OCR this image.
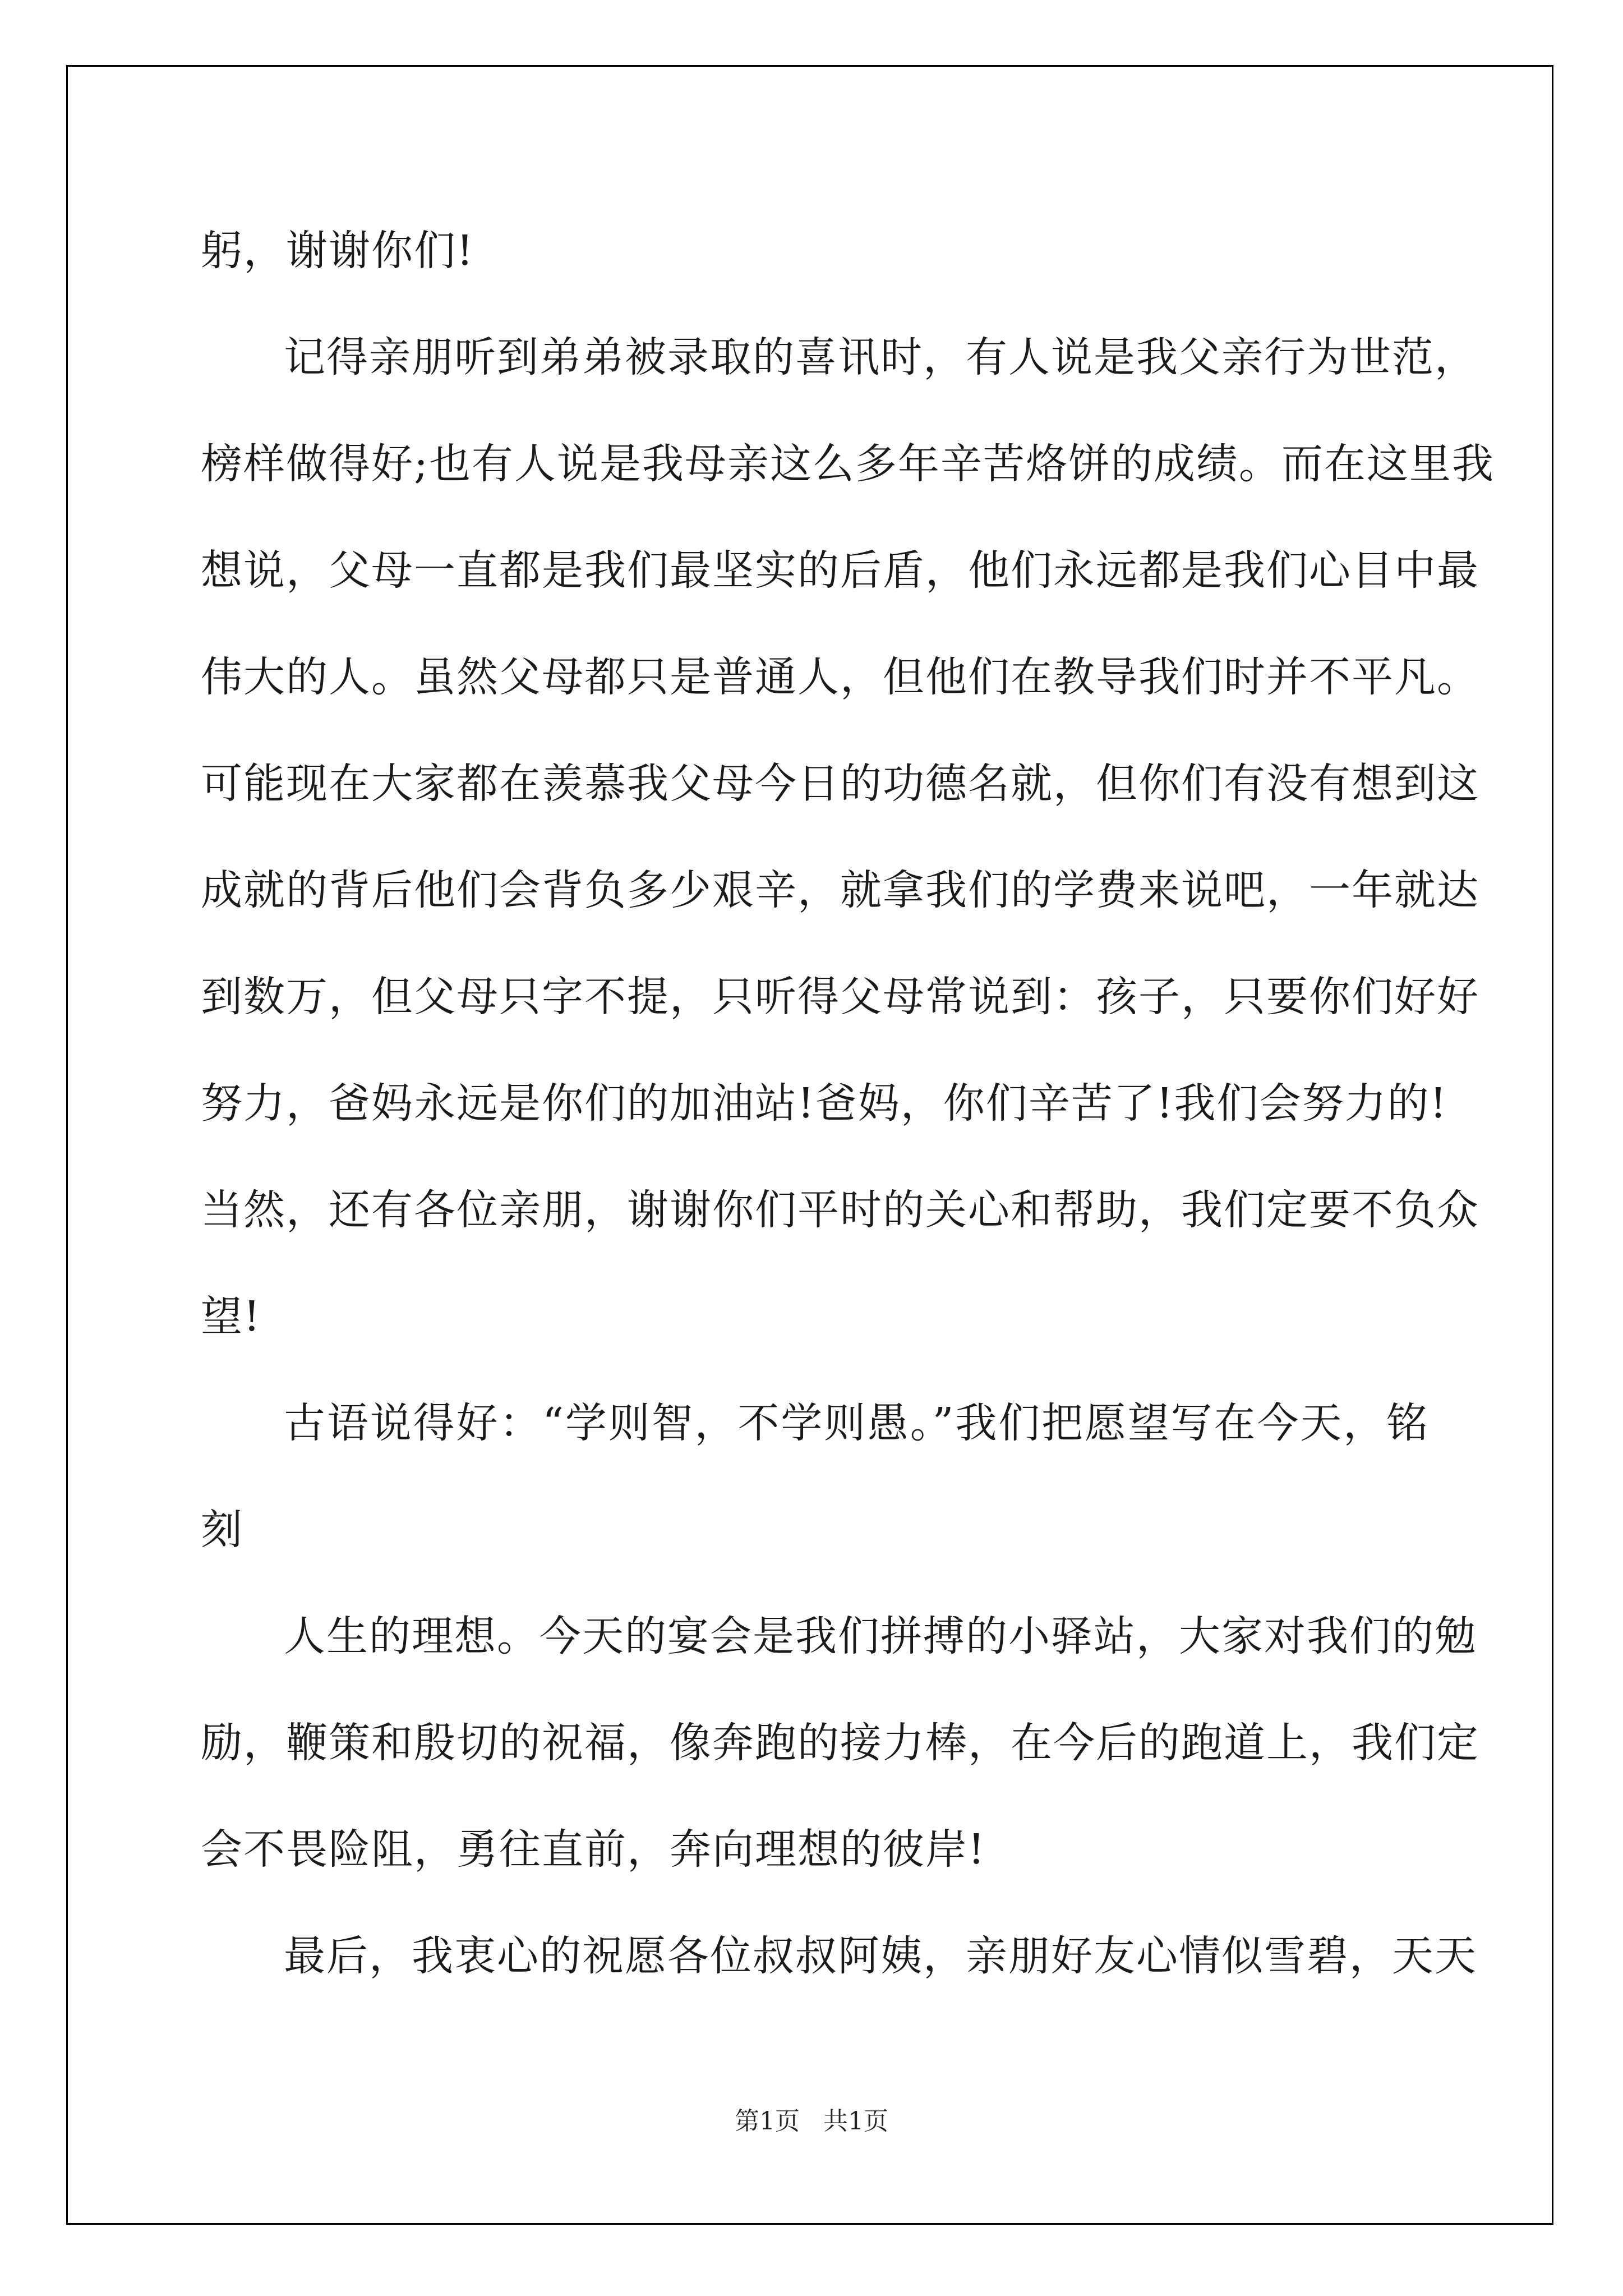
躬，谢谢你们!
记得亲朋听到弟弟被录取的喜讯时，有人说是我父亲行为世范，
榜样做得好;也有人说是我母亲这么多年辛苦烙饼的成绩。而在这里我
想说，父母一直都是我们最坚实的后盾，他们永远都是我们心目中最
伟大的人。虽然父母都只是普通人，但他们在教导我们时并不平凡。
可能现在大家都在羡慕我父母今日的功德名就，但你们有没有想到这
成就的背后他们会背负多少艰辛，就拿我们的学费来说吧，一年就达
到数万，但父母只字不提，只听得父母常说到：孩子，只要你们好好
努力，爸妈永远是你们的加油站!爸妈，你们辛苦了!我们会努力的!
当然，还有各位亲朋，谢谢你们平时的关心和帮助，我们定要不负众
望!
古语说得好：“学则智，不学则愚。”我们把愿望写在今天，铭
刻
人生的理想。今天的宴会是我们拼搏的小驿站，大家对我们的勉
励，鞭策和殷切的祝福，像奔跑的接力棒，在今后的跑道上，我们定
会不畏险阻，勇往直前，奔向理想的彼岸!
最后，我衷心的祝愿各位叔叔阿姨，亲朋好友心情似雪碧，天天
第1页 共1页
